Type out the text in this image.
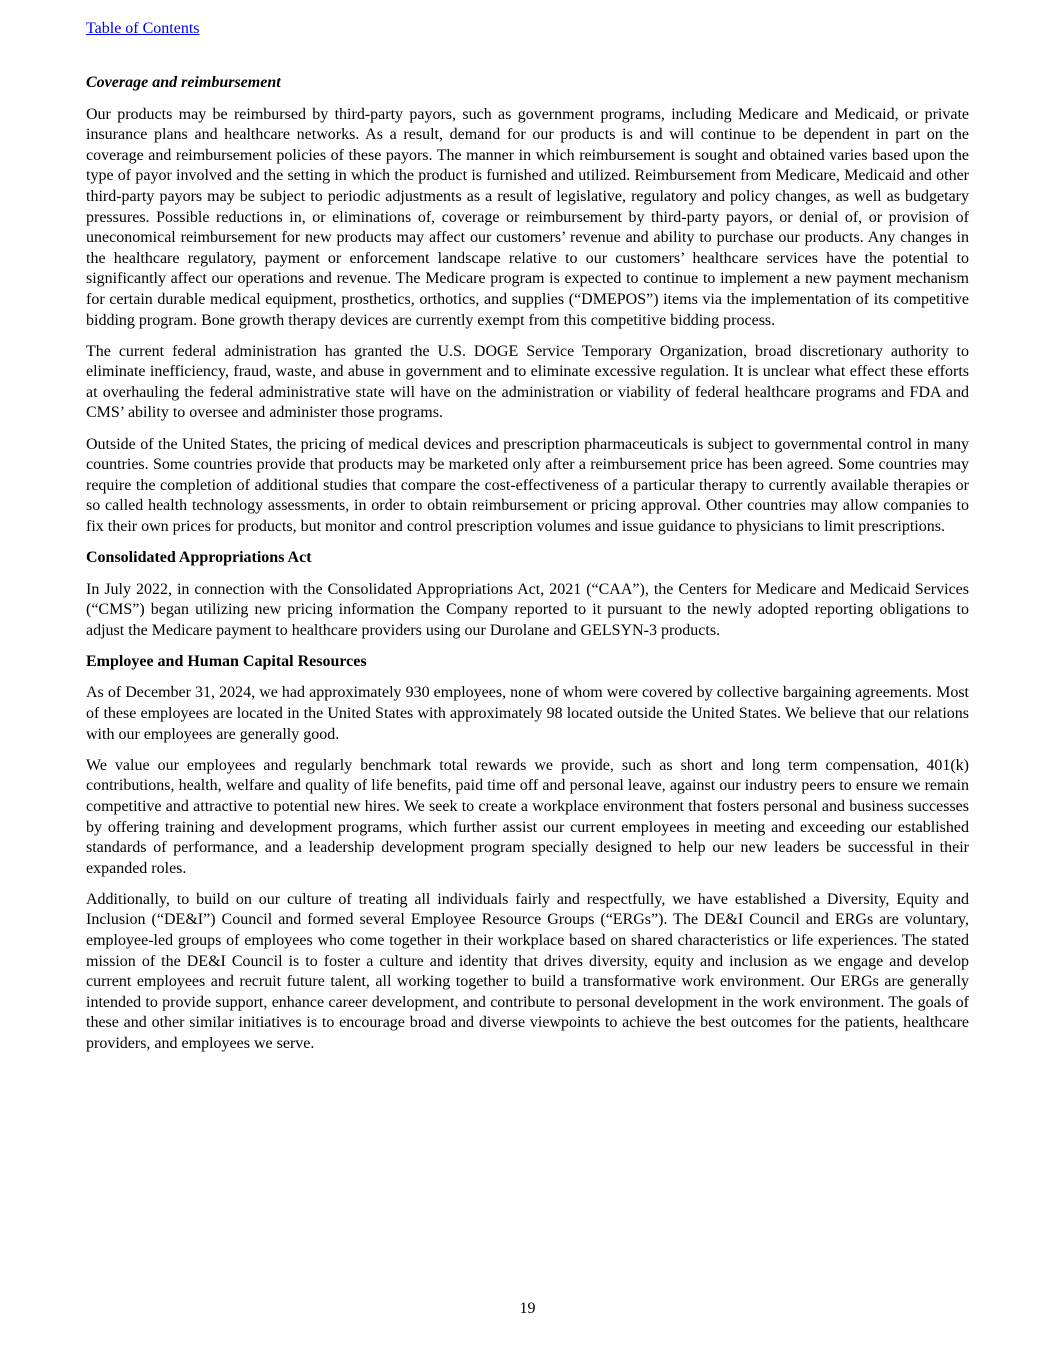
Table of Contents
Coverage and reimbursement

Our products may be reimbursed by third-party payors, such as government programs, including Medicare and Medicaid, or private insurance plans and healthcare networks. As a result, demand for our products is and will continue to be dependent in part on the coverage and reimbursement policies of these payors. The manner in which reimbursement is sought and obtained varies based upon the type of payor involved and the setting in which the product is furnished and utilized. Reimbursement from Medicare, Medicaid and other third-party payors may be subject to periodic adjustments as a result of legislative, regulatory and policy changes, as well as budgetary pressures. Possible reductions in, or eliminations of, coverage or reimbursement by third-party payors, or denial of, or provision of uneconomical reimbursement for new products may affect our customers’ revenue and ability to purchase our products. Any changes in the healthcare regulatory, payment or enforcement landscape relative to our customers’ healthcare services have the potential to significantly affect our operations and revenue. The Medicare program is expected to continue to implement a new payment mechanism for certain durable medical equipment, prosthetics, orthotics, and supplies (“DMEPOS”) items via the implementation of its competitive bidding program. Bone growth therapy devices are currently exempt from this competitive bidding process.

The current federal administration has granted the U.S. DOGE Service Temporary Organization, broad discretionary authority to eliminate inefficiency, fraud, waste, and abuse in government and to eliminate excessive regulation. It is unclear what effect these efforts at overhauling the federal administrative state will have on the administration or viability of federal healthcare programs and FDA and CMS’ ability to oversee and administer those programs.

Outside of the United States, the pricing of medical devices and prescription pharmaceuticals is subject to governmental control in many countries. Some countries provide that products may be marketed only after a reimbursement price has been agreed. Some countries may require the completion of additional studies that compare the cost-effectiveness of a particular therapy to currently available therapies or so called health technology assessments, in order to obtain reimbursement or pricing approval. Other countries may allow companies to fix their own prices for products, but monitor and control prescription volumes and issue guidance to physicians to limit prescriptions.

Consolidated Appropriations Act

In July 2022, in connection with the Consolidated Appropriations Act, 2021 (“CAA”), the Centers for Medicare and Medicaid Services (“CMS”) began utilizing new pricing information the Company reported to it pursuant to the newly adopted reporting obligations to adjust the Medicare payment to healthcare providers using our Durolane and GELSYN-3 products.

Employee and Human Capital Resources

As of December 31, 2024, we had approximately 930 employees, none of whom were covered by collective bargaining agreements. Most of these employees are located in the United States with approximately 98 located outside the United States. We believe that our relations with our employees are generally good.

We value our employees and regularly benchmark total rewards we provide, such as short and long term compensation, 401(k) contributions, health, welfare and quality of life benefits, paid time off and personal leave, against our industry peers to ensure we remain competitive and attractive to potential new hires. We seek to create a workplace environment that fosters personal and business successes by offering training and development programs, which further assist our current employees in meeting and exceeding our established standards of performance, and a leadership development program specially designed to help our new leaders be successful in their expanded roles.

Additionally, to build on our culture of treating all individuals fairly and respectfully, we have established a Diversity, Equity and Inclusion (“DE&I”) Council and formed several Employee Resource Groups (“ERGs”). The DE&I Council and ERGs are voluntary, employee-led groups of employees who come together in their workplace based on shared characteristics or life experiences. The stated mission of the DE&I Council is to foster a culture and identity that drives diversity, equity and inclusion as we engage and develop current employees and recruit future talent, all working together to build a transformative work environment. Our ERGs are generally intended to provide support, enhance career development, and contribute to personal development in the work environment. The goals of these and other similar initiatives is to encourage broad and diverse viewpoints to achieve the best outcomes for the patients, healthcare providers, and employees we serve.

19
